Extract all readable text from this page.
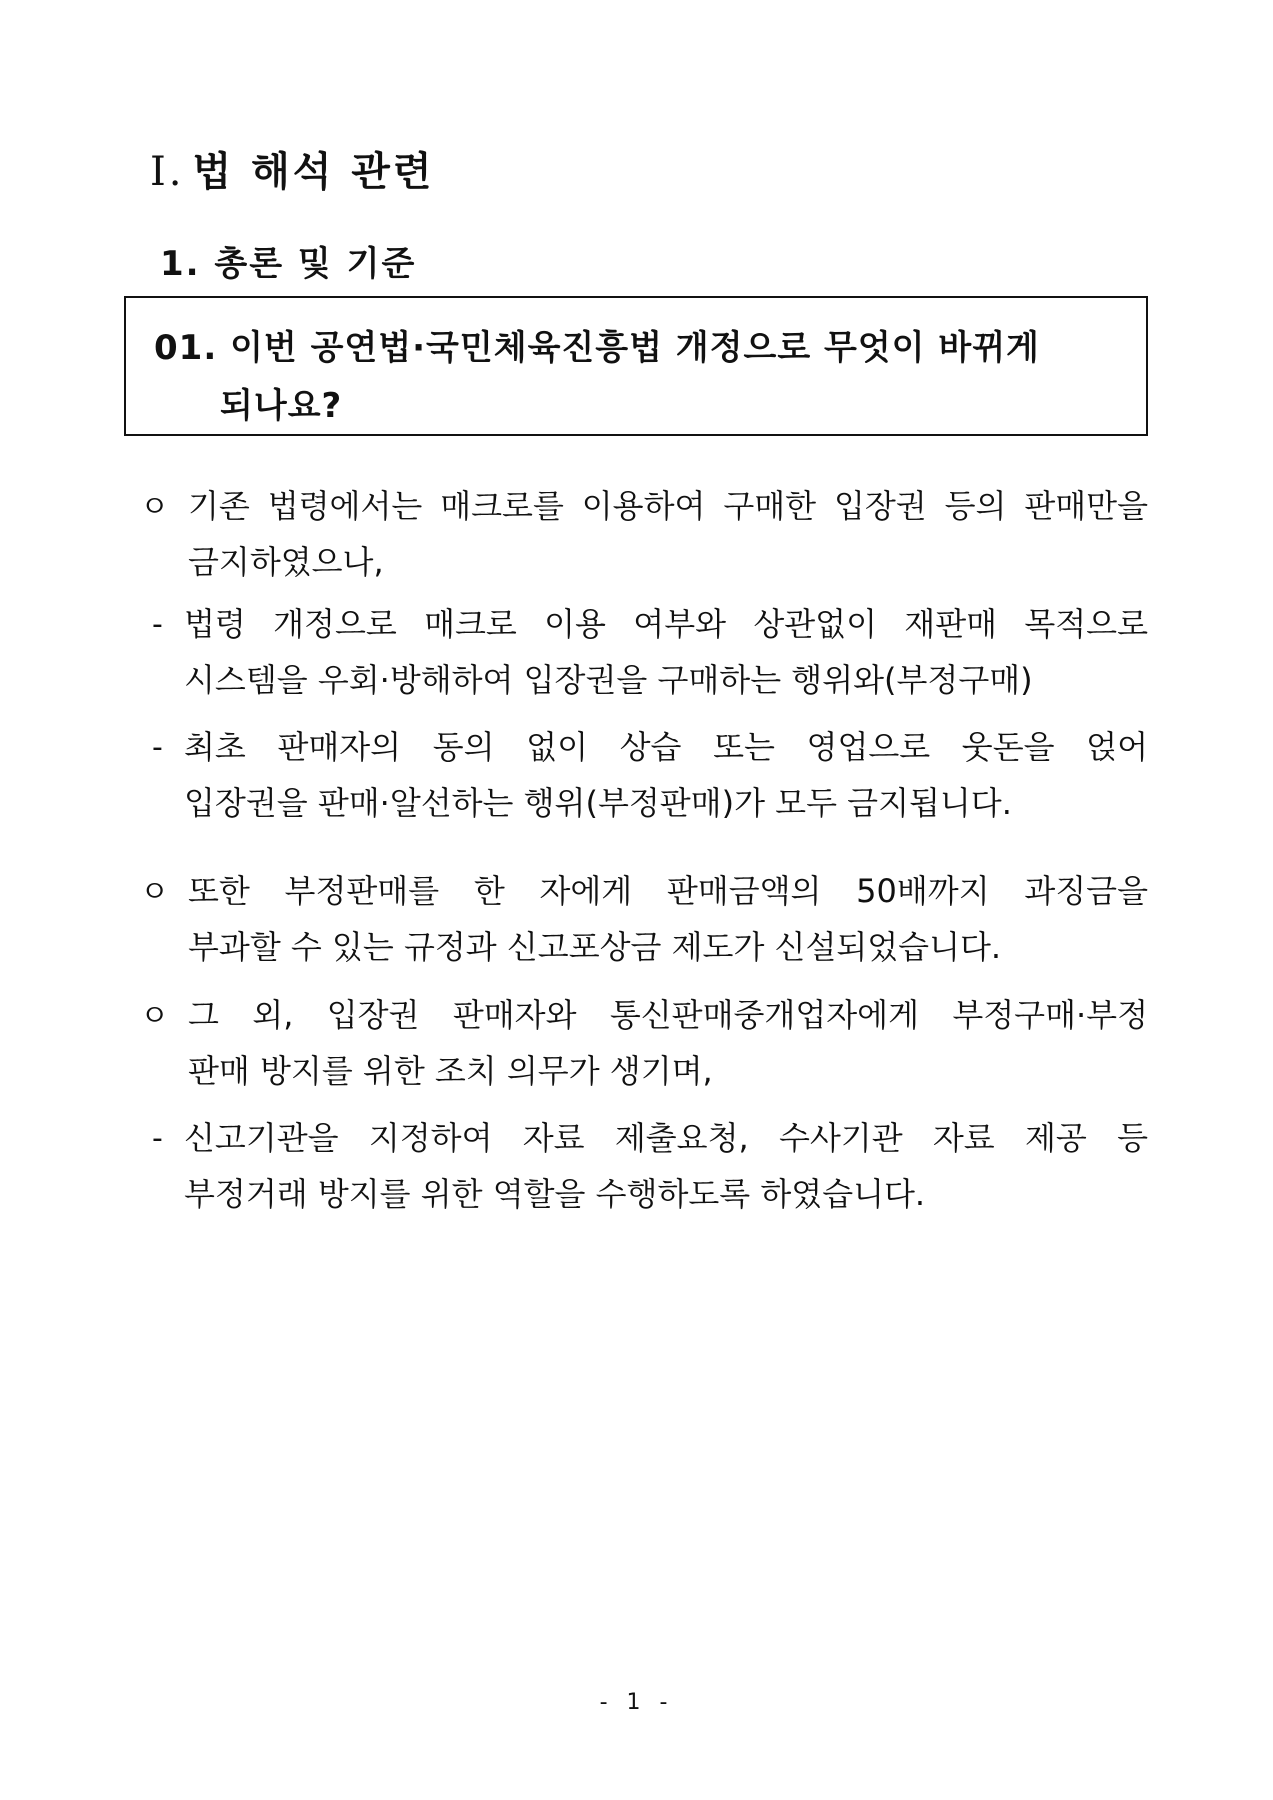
Ⅰ. 법 해석 관련
1. 총론 및 기준
01. 이번 공연법·국민체육진흥법 개정으로 무엇이 바뀌게
되나요?
ㅇ 기존 법령에서는 매크로를 이용하여 구매한 입장권 등의 판매만을
금지하였으나,
- 법령 개정으로 매크로 이용 여부와 상관없이 재판매 목적으로
시스템을 우회·방해하여 입장권을 구매하는 행위와(부정구매)
- 최초 판매자의 동의 없이 상습 또는 영업으로 웃돈을 얹어
입장권을 판매·알선하는 행위(부정판매)가 모두 금지됩니다.
ㅇ 또한 부정판매를 한 자에게 판매금액의 50배까지 과징금을
부과할 수 있는 규정과 신고포상금 제도가 신설되었습니다.
ㅇ 그 외, 입장권 판매자와 통신판매중개업자에게 부정구매·부정
판매 방지를 위한 조치 의무가 생기며,
- 신고기관을 지정하여 자료 제출요청, 수사기관 자료 제공 등
부정거래 방지를 위한 역할을 수행하도록 하였습니다.
- 1 -
